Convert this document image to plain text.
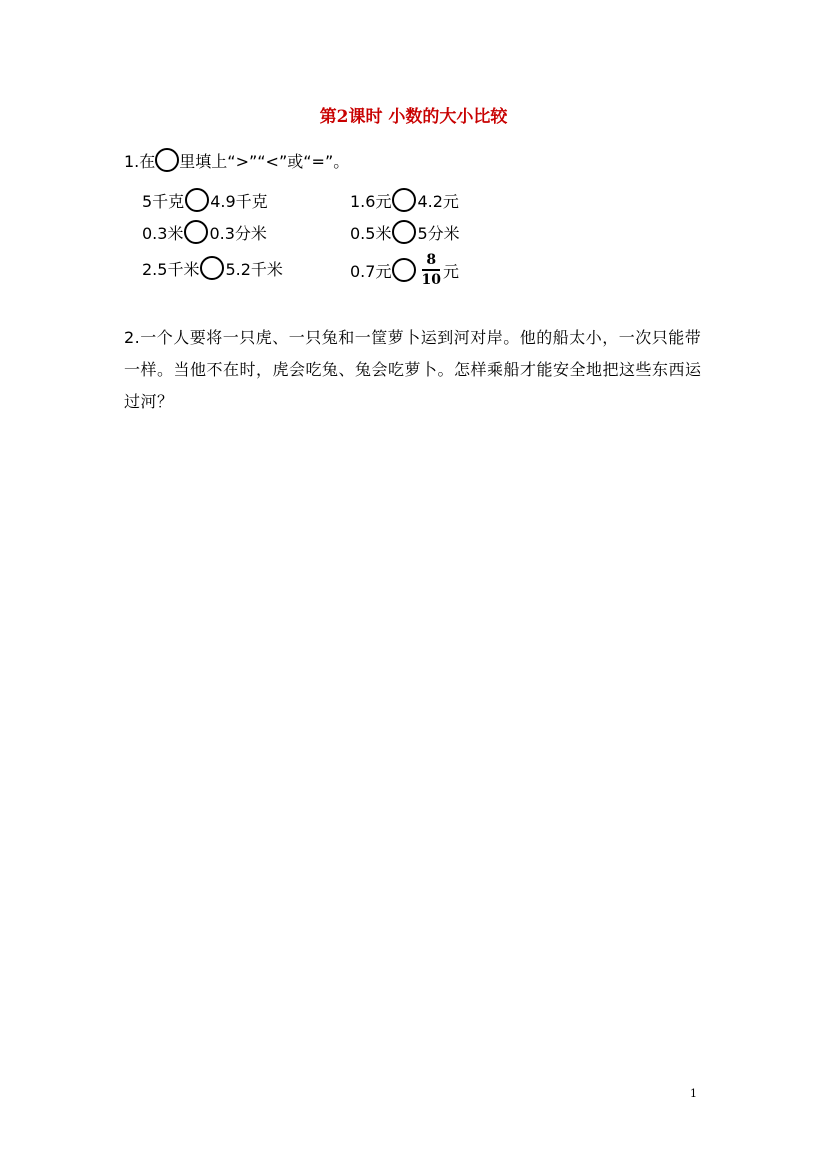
第2课时 小数的大小比较
1.在 里填上“>”“<”或“=”。
5千克 4.9千克	1.6元 4.2元
0.3米 0.3分米	0.5米 5分米
2.5千米 5.2千米	0.7元 $\frac{8}{10}$ 元
2.一个人要将一只虎、一只兔和一筐萝卜运到河对岸。他的船太小，一次只能带一样。当他不在时，虎会吃兔、兔会吃萝卜。怎样乘船才能安全地把这些东西运过河？
1
